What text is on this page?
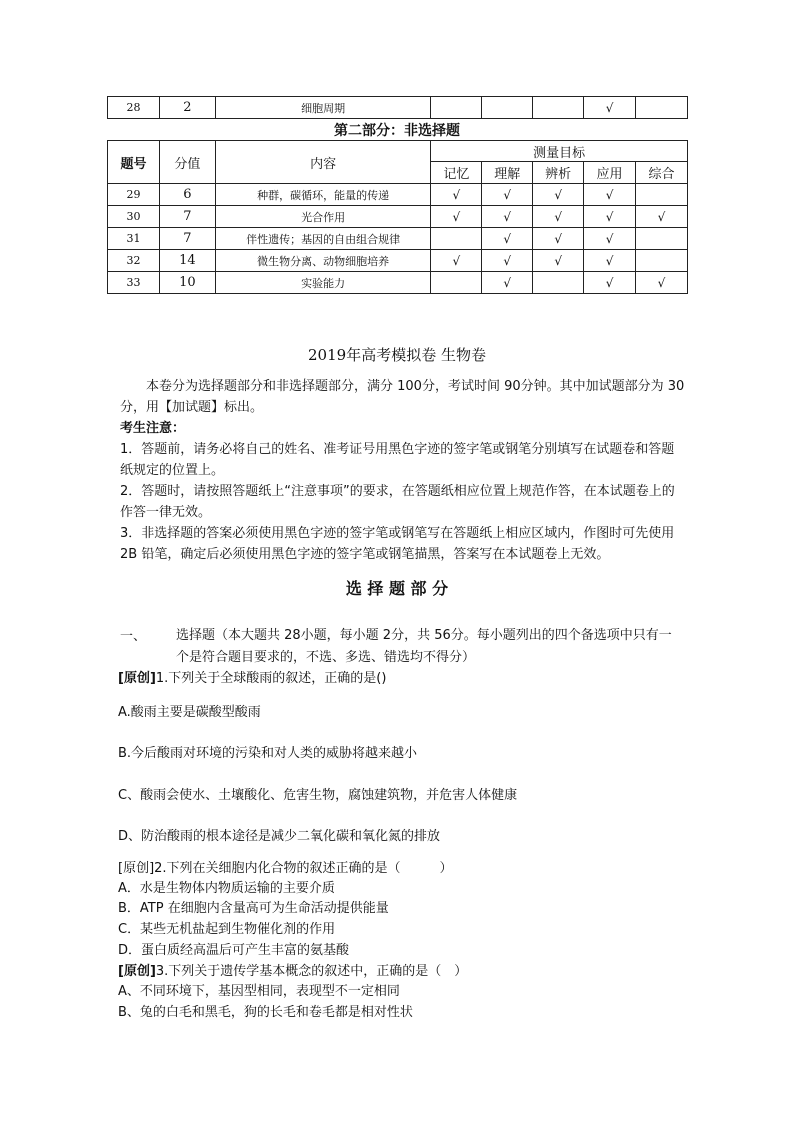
28	2	细胞周期				√	
第二部分：非选择题
题号	分值	内容	测量目标				
			记忆	理解	辨析	应用	综合
29	6	种群，碳循环，能量的传递	√	√	√	√	
30	7	光合作用	√	√	√	√	√
31	7	伴性遗传；基因的自由组合规律		√	√	√	
32	14	微生物分离、动物细胞培养	√	√	√	√	
33	10	实验能力		√		√	√
2019年高考模拟卷 生物卷
本卷分为选择题部分和非选择题部分，满分 100分，考试时间 90分钟。其中加试题部分为 30分，用【加试题】标出。
考生注意：
1．答题前，请务必将自己的姓名、准考证号用黑色字迹的签字笔或钢笔分别填写在试题卷和答题纸规定的位置上。
2．答题时，请按照答题纸上“注意事项”的要求，在答题纸相应位置上规范作答，在本试题卷上的作答一律无效。
3．非选择题的答案必须使用黑色字迹的签字笔或钢笔写在答题纸上相应区域内，作图时可先使用 2B 铅笔，确定后必须使用黑色字迹的签字笔或钢笔描黑，答案写在本试题卷上无效。
选 择 题 部 分
一、 选择题（本大题共 28小题，每小题 2分，共 56分。每小题列出的四个备选项中只有一个是符合题目要求的，不选、多选、错选均不得分）
[原创]1.下列关于全球酸雨的叙述，正确的是()
A.酸雨主要是碳酸型酸雨
B.今后酸雨对环境的污染和对人类的威胁将越来越小
C、酸雨会使水、土壤酸化、危害生物，腐蚀建筑物，并危害人体健康
D、防治酸雨的根本途径是减少二氧化碳和氧化氮的排放
[原创]2.下列在关细胞内化合物的叙述正确的是（　　　）
A．水是生物体内物质运输的主要介质
B．ATP 在细胞内含量高可为生命活动提供能量
C．某些无机盐起到生物催化剂的作用
D．蛋白质经高温后可产生丰富的氨基酸
[原创]3.下列关于遗传学基本概念的叙述中，正确的是（　）
A、不同环境下，基因型相同，表现型不一定相同
B、兔的白毛和黑毛，狗的长毛和卷毛都是相对性状
